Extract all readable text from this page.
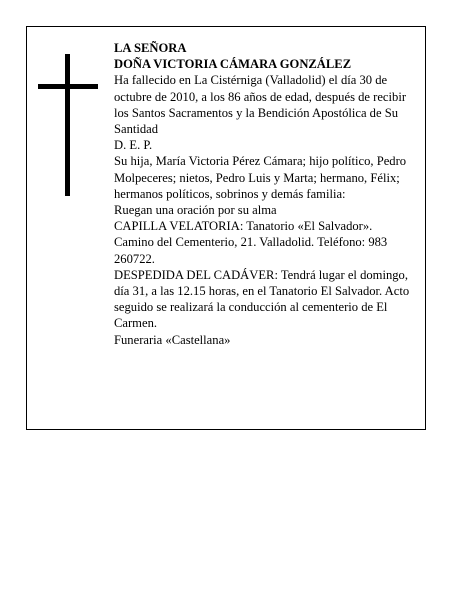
LA SEÑORA

DOÑA VICTORIA CÁMARA GONZÁLEZ

Ha fallecido en La Cistérniga (Valladolid) el día 30 de octubre de 2010, a los 86 años de edad, después de recibir los Santos Sacramentos y la Bendición Apostólica de Su Santidad

D. E. P.

Su hija, María Victoria Pérez Cámara; hijo político, Pedro Molpeceres; nietos, Pedro Luis y Marta; hermano, Félix; hermanos políticos, sobrinos y demás familia:

Ruegan una oración por su alma

CAPILLA VELATORIA: Tanatorio «El Salvador». Camino del Cementerio, 21. Valladolid. Teléfono: 983 260722.

DESPEDIDA DEL CADÁVER: Tendrá lugar el domingo, día 31, a las 12.15 horas, en el Tanatorio El Salvador. Acto seguido se realizará la conducción al cementerio de El Carmen.

Funeraria «Castellana»
